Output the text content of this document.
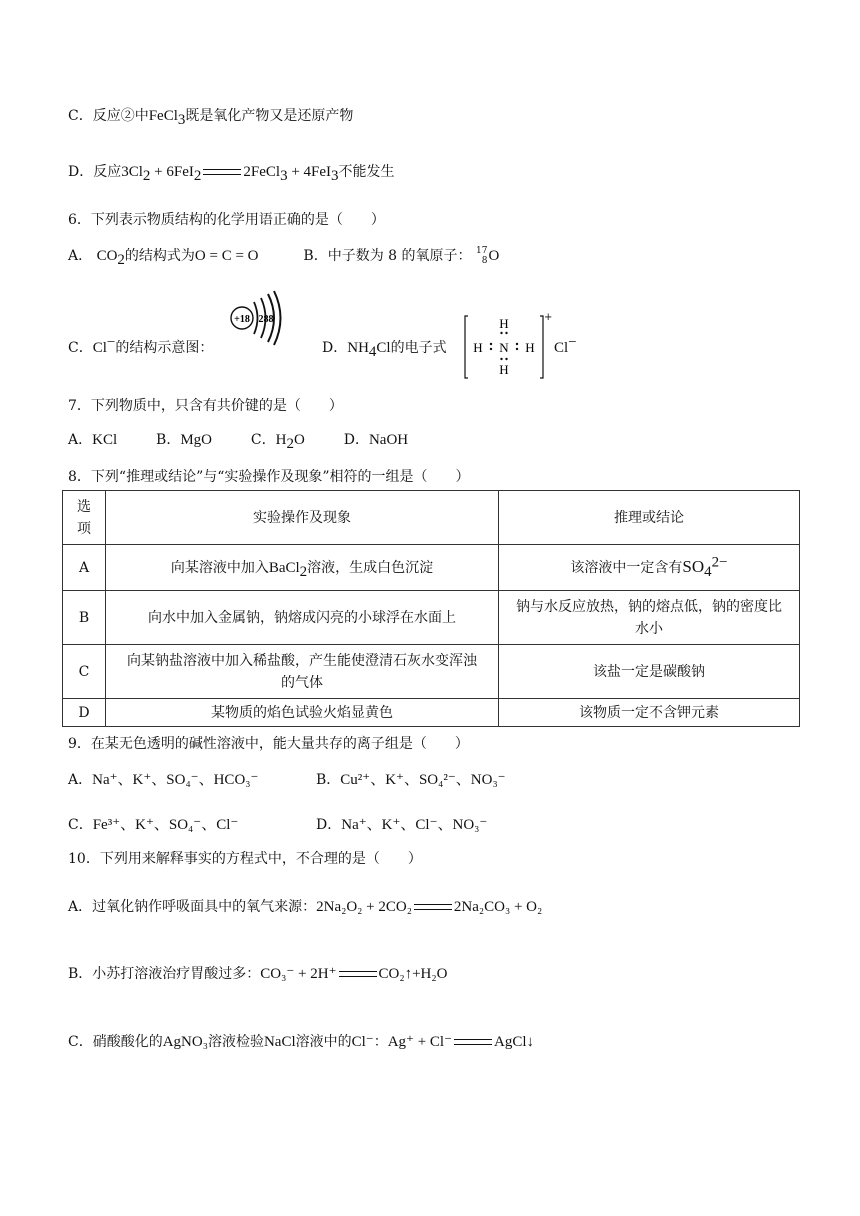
C．反应②中FeCl$_3$既是氧化产物又是还原产物
D．反应$3Cl_2 + 6FeI_2$	2FeCl$_3$ + 4FeI$_3$不能发生
6．下列表示物质结构的化学用语正确的是（　　）
A． $CO_2$的结构式为O = C = O	B．中子数为 8 的氧原子： 17
8 O
C．Cl−的结构示意图：
+18 288
D．$NH_4Cl$的电子式
H
H N H
H
+
Cl−
7．下列物质中，只含有共价键的是（　　）
A．KCl	B．MgO	C．$H_2O$	D．NaOH
8．下列“推理或结论”与“实验操作及现象”相符的一组是（　　）
选
项	实验操作及现象	推理或结论
A	向某溶液中加入BaCl$_2$溶液，生成白色沉淀	该溶液中一定含有$SO_4^{2-}$
B	向水中加入金属钠，钠熔成闪亮的小球浮在水面上	钠与水反应放热，钠的熔点低，钠的密度比
水小
C	向某钠盐溶液中加入稀盐酸，产生能使澄清石灰水变浑浊
的气体	该盐一定是碳酸钠
D	某物质的焰色试验火焰显黄色	该物质一定不含钾元素
9．在某无色透明的碱性溶液中，能大量共存的离子组是（　　）
A．Na⁺、K⁺、SO₄⁻、HCO₃⁻	B．Cu²⁺、K⁺、SO₄²⁻、NO₃⁻
C．Fe³⁺、K⁺、SO₄⁻、Cl⁻	D．Na⁺、K⁺、Cl⁻、NO₃⁻
10．下列用来解释事实的方程式中，不合理的是（　　）
A．过氧化钠作呼吸面具中的氧气来源：2Na₂O₂ + 2CO₂	2Na₂CO₃ + O₂
B．小苏打溶液治疗胃酸过多：CO₃⁻ + 2H⁺	CO₂↑+H₂O
C．硝酸酸化的AgNO₃溶液检验NaCl溶液中的Cl⁻：Ag⁺ + Cl⁻	AgCl↓
